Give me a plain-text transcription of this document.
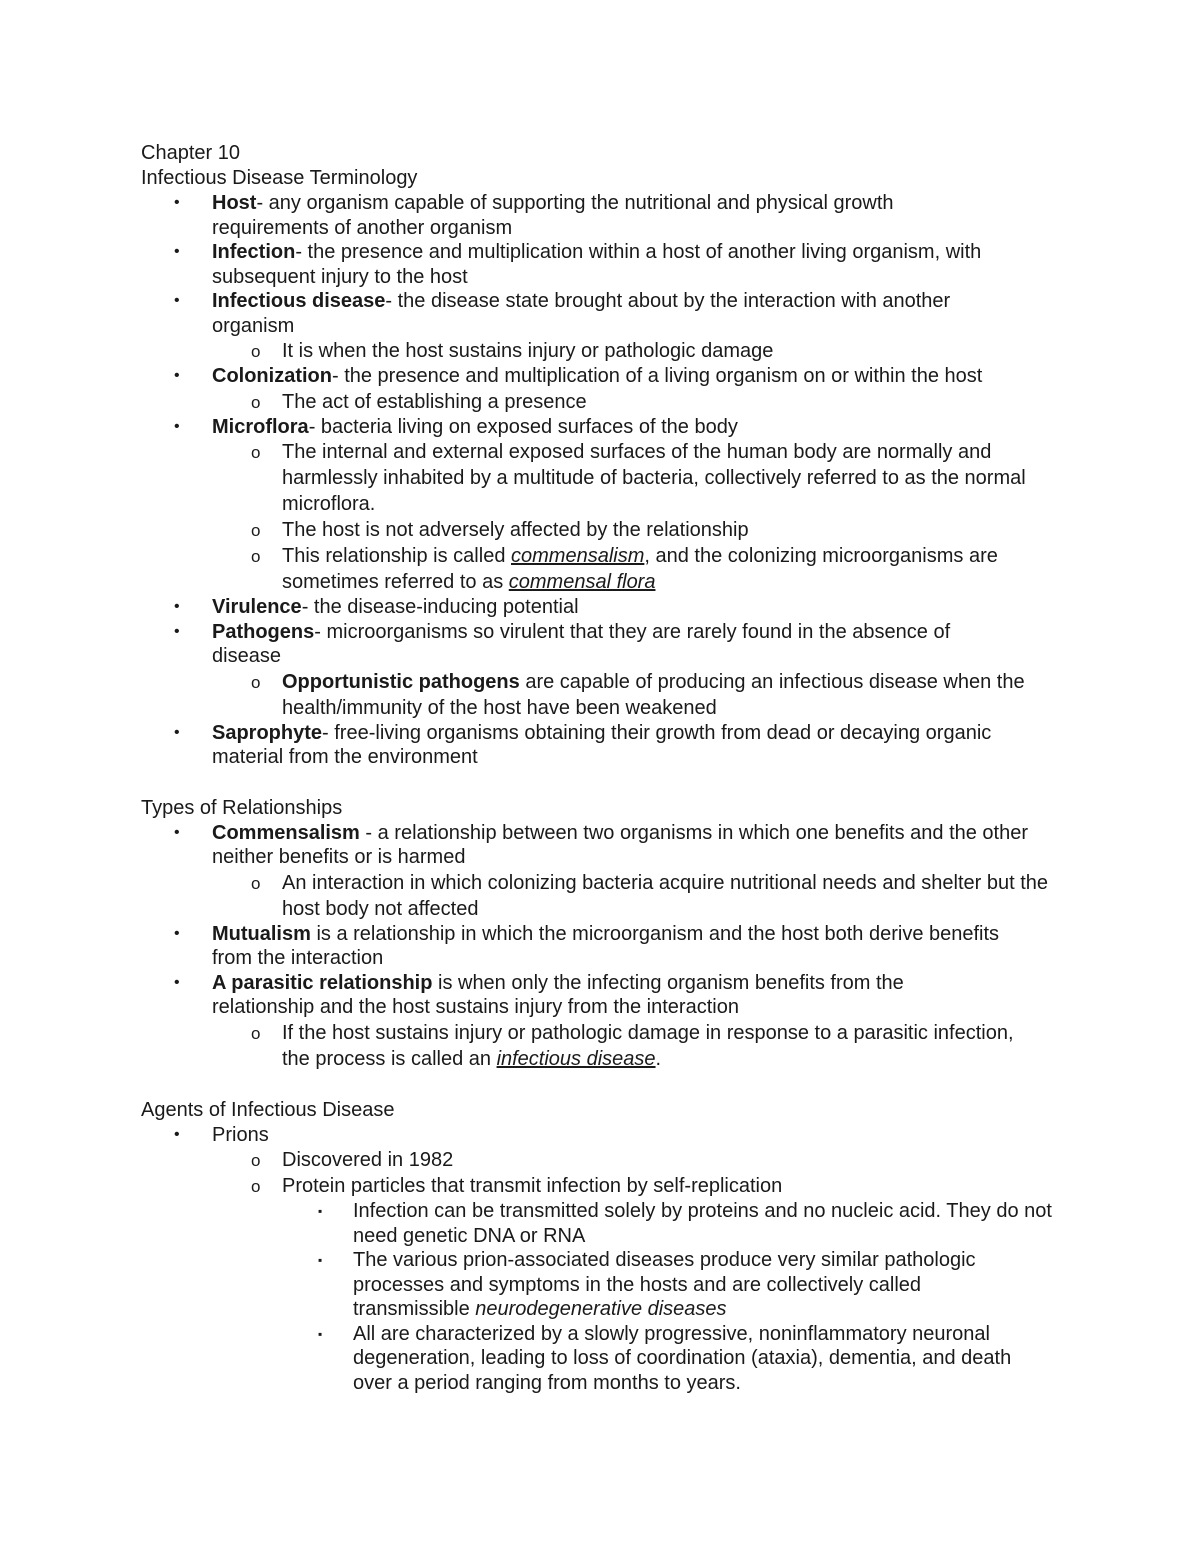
Chapter 10
Infectious Disease Terminology
• Host- any organism capable of supporting the nutritional and physical growth requirements of another organism
• Infection- the presence and multiplication within a host of another living organism, with subsequent injury to the host
• Infectious disease- the disease state brought about by the interaction with another organism
o It is when the host sustains injury or pathologic damage
• Colonization- the presence and multiplication of a living organism on or within the host
o The act of establishing a presence
• Microflora- bacteria living on exposed surfaces of the body
o The internal and external exposed surfaces of the human body are normally and harmlessly inhabited by a multitude of bacteria, collectively referred to as the normal microflora.
o The host is not adversely affected by the relationship
o This relationship is called commensalism, and the colonizing microorganisms are sometimes referred to as commensal flora
• Virulence- the disease-inducing potential
• Pathogens- microorganisms so virulent that they are rarely found in the absence of disease
o Opportunistic pathogens are capable of producing an infectious disease when the health/immunity of the host have been weakened
• Saprophyte- free-living organisms obtaining their growth from dead or decaying organic material from the environment
Types of Relationships
• Commensalism - a relationship between two organisms in which one benefits and the other neither benefits or is harmed
o An interaction in which colonizing bacteria acquire nutritional needs and shelter but the host body not affected
• Mutualism is a relationship in which the microorganism and the host both derive benefits from the interaction
• A parasitic relationship is when only the infecting organism benefits from the relationship and the host sustains injury from the interaction
o If the host sustains injury or pathologic damage in response to a parasitic infection, the process is called an infectious disease.
Agents of Infectious Disease
• Prions
o Discovered in 1982
o Protein particles that transmit infection by self-replication
▪ Infection can be transmitted solely by proteins and no nucleic acid. They do not need genetic DNA or RNA
▪ The various prion-associated diseases produce very similar pathologic processes and symptoms in the hosts and are collectively called transmissible neurodegenerative diseases
▪ All are characterized by a slowly progressive, noninflammatory neuronal degeneration, leading to loss of coordination (ataxia), dementia, and death over a period ranging from months to years.
